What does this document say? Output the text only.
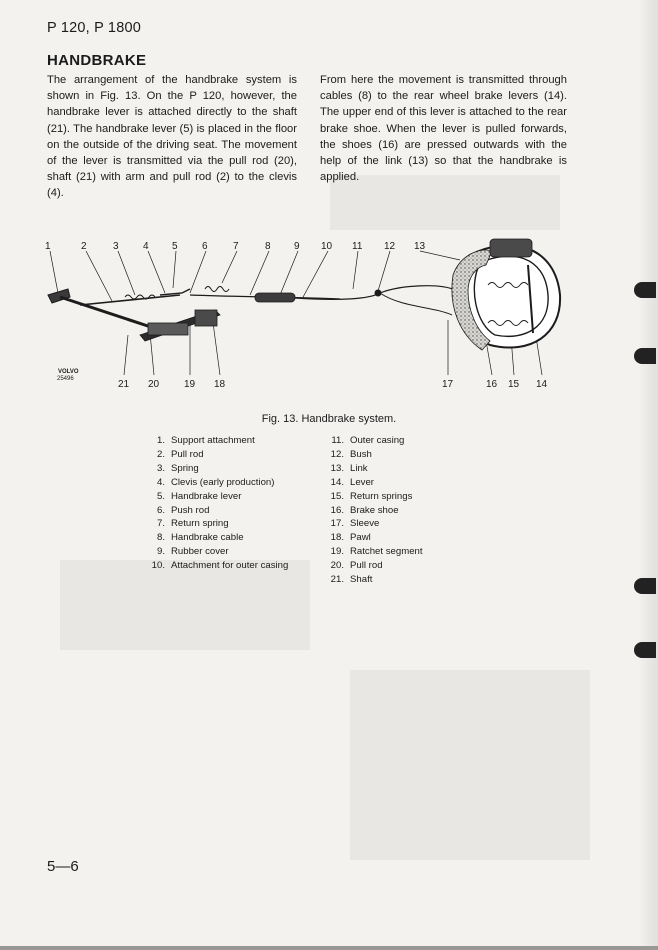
P 120, P 1800
HANDBRAKE
The arrangement of the handbrake system is shown in Fig. 13. On the P 120, however, the handbrake lever is attached directly to the shaft (21). The handbrake lever (5) is placed in the floor on the outside of the driving seat. The movement of the lever is transmitted via the pull rod (20), shaft (21) with arm and pull rod (2) to the clevis (4).
From here the movement is transmitted through cables (8) to the rear wheel brake levers (14). The upper end of this lever is attached to the rear brake shoe. When the lever is pulled forwards, the shoes (16) are pressed outwards with the help of the link (13) so that the handbrake is applied.
1	2	3 4 5 6	7	8 9 10 11 12 13
21 20 19 18	17	16 15 14
VOLVO
25496
Fig. 13. Handbrake system.
1. Support attachment
2. Pull rod
3. Spring
4. Clevis (early production)
5. Handbrake lever
6. Push rod
7. Return spring
8. Handbrake cable
9. Rubber cover
10. Attachment for outer casing
11. Outer casing
12. Bush
13. Link
14. Lever
15. Return springs
16. Brake shoe
17. Sleeve
18. Pawl
19. Ratchet segment
20. Pull rod
21. Shaft
5—6
